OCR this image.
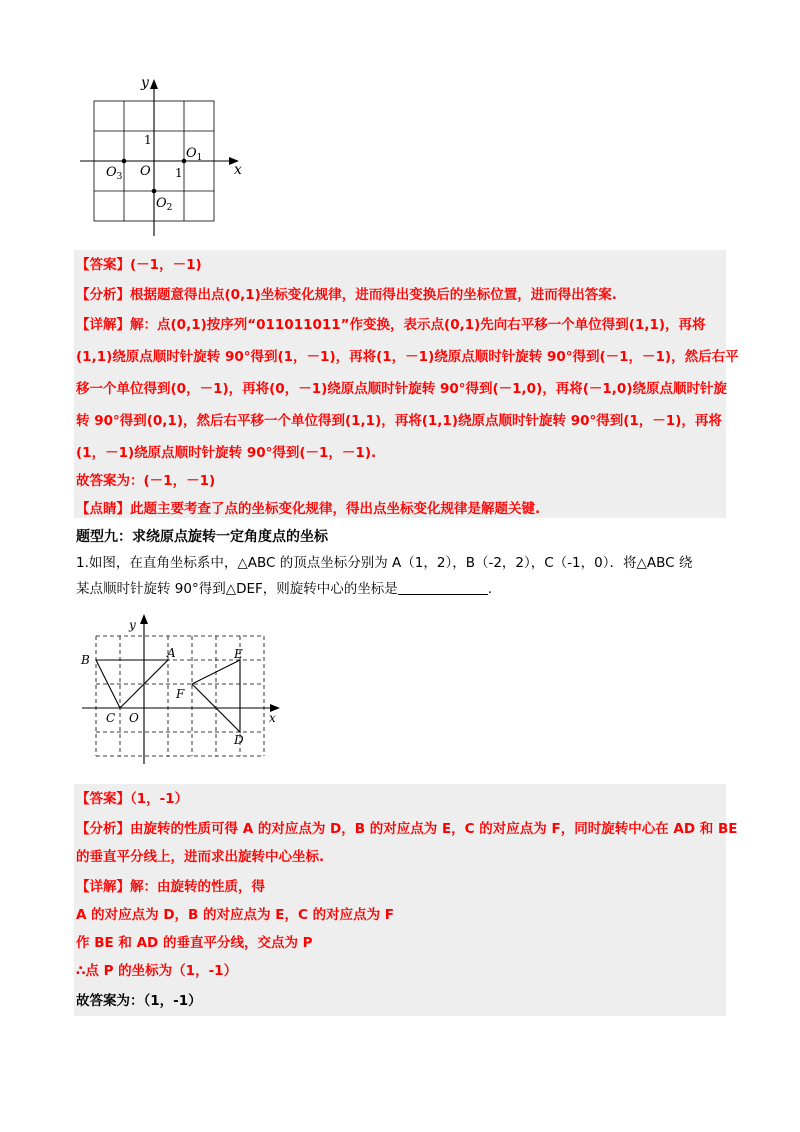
y
x
O
1
1
$O_1$
$O_2$
$O_3$
【答案】(－1，－1)
【分析】根据题意得出点(0,1)坐标变化规律，进而得出变换后的坐标位置，进而得出答案.
【详解】解：点(0,1)按序列“011011011”作变换，表示点(0,1)先向右平移一个单位得到(1,1)，再将
(1,1)绕原点顺时针旋转 90°得到(1，－1)，再将(1，－1)绕原点顺时针旋转 90°得到(－1，－1)，然后右平
移一个单位得到(0，－1)，再将(0，－1)绕原点顺时针旋转 90°得到(－1,0)，再将(－1,0)绕原点顺时针旋
转 90°得到(0,1)，然后右平移一个单位得到(1,1)，再将(1,1)绕原点顺时针旋转 90°得到(1，－1)，再将
(1，－1)绕原点顺时针旋转 90°得到(－1，－1).
故答案为：(－1，－1)
【点睛】此题主要考查了点的坐标变化规律，得出点坐标变化规律是解题关键.
题型九：求绕原点旋转一定角度点的坐标
1.如图，在直角坐标系中，△ABC 的顶点坐标分别为 A（1，2），B（-2，2），C（-1，0）．将△ABC 绕
某点顺时针旋转 90°得到△DEF，则旋转中心的坐标是	.
y
x
A
B
C O
D
E
F
【答案】（1，-1）
【分析】由旋转的性质可得 A 的对应点为 D，B 的对应点为 E，C 的对应点为 F，同时旋转中心在 AD 和 BE
的垂直平分线上，进而求出旋转中心坐标.
【详解】解：由旋转的性质，得
A 的对应点为 D，B 的对应点为 E，C 的对应点为 F
作 BE 和 AD 的垂直平分线，交点为 P
∴点 P 的坐标为（1，-1）
故答案为：（1，-1）
